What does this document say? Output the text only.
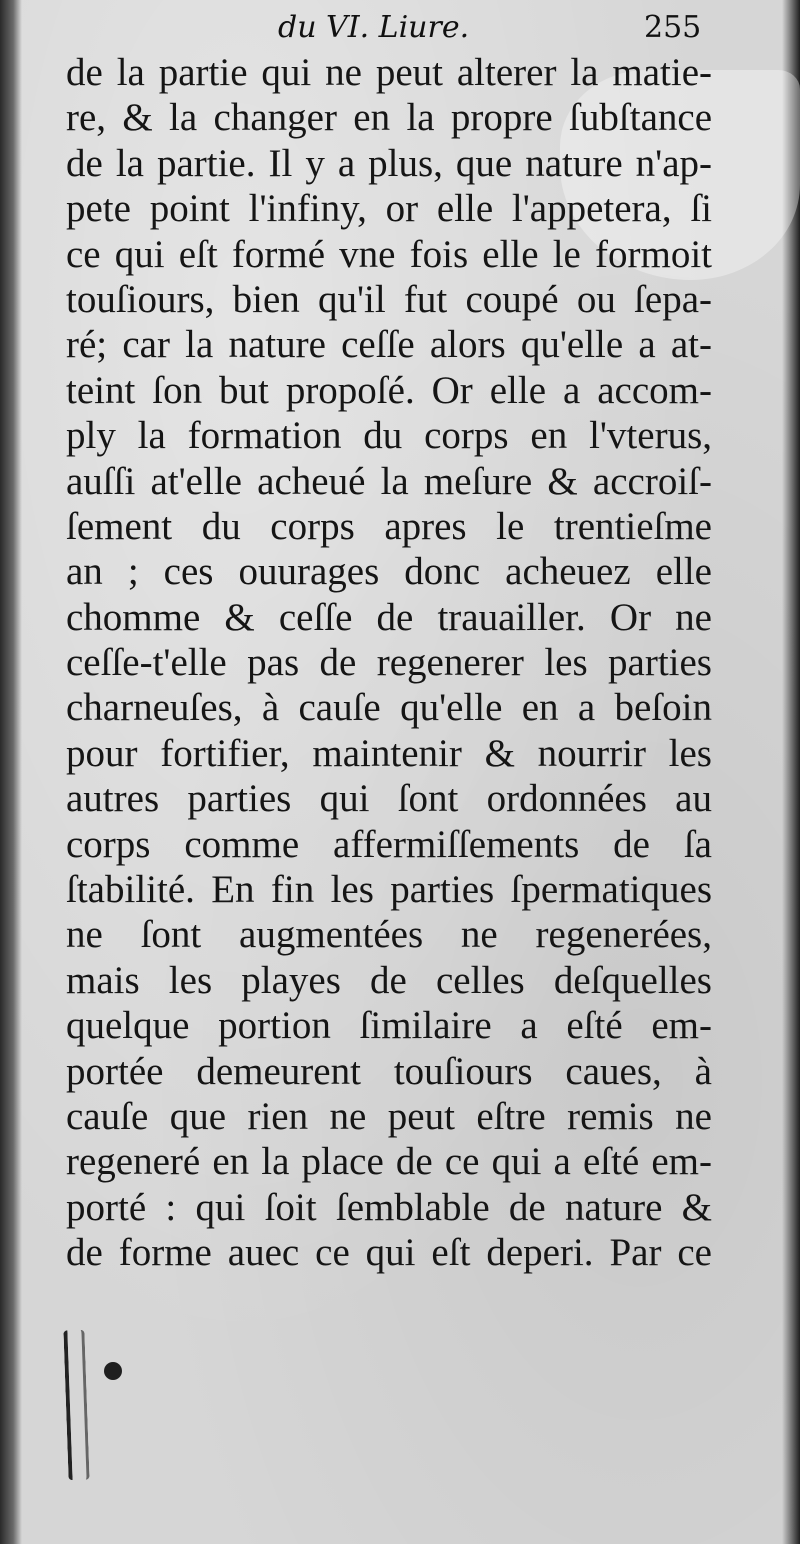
du VI. Liure.	255
de la partie qui ne peut alterer la matie-
re, & la changer en la propre ſubſtance
de la partie. Il y a plus, que nature n'ap-
pete point l'infiny, or elle l'appetera, ſi
ce qui eſt formé vne fois elle le formoit
touſiours, bien qu'il fut coupé ou ſepa-
ré; car la nature ceſſe alors qu'elle a at-
teint ſon but propoſé. Or elle a accom-
ply la formation du corps en l'vterus,
auſſi at'elle acheué la meſure & accroiſ-
ſement du corps apres le trentieſme
an ; ces ouurages donc acheuez elle
chomme & ceſſe de trauailler. Or ne
ceſſe-t'elle pas de regenerer les parties
charneuſes, à cauſe qu'elle en a beſoin
pour fortifier, maintenir & nourrir les
autres parties qui ſont ordonnées au
corps comme affermiſſements de ſa
ſtabilité. En fin les parties ſpermatiques
ne ſont augmentées ne regenerées,
mais les playes de celles deſquelles
quelque portion ſimilaire a eſté em-
portée demeurent touſiours caues, à
cauſe que rien ne peut eſtre remis ne
regeneré en la place de ce qui a eſté em-
porté : qui ſoit ſemblable de nature &
de forme auec ce qui eſt deperi. Par ce
